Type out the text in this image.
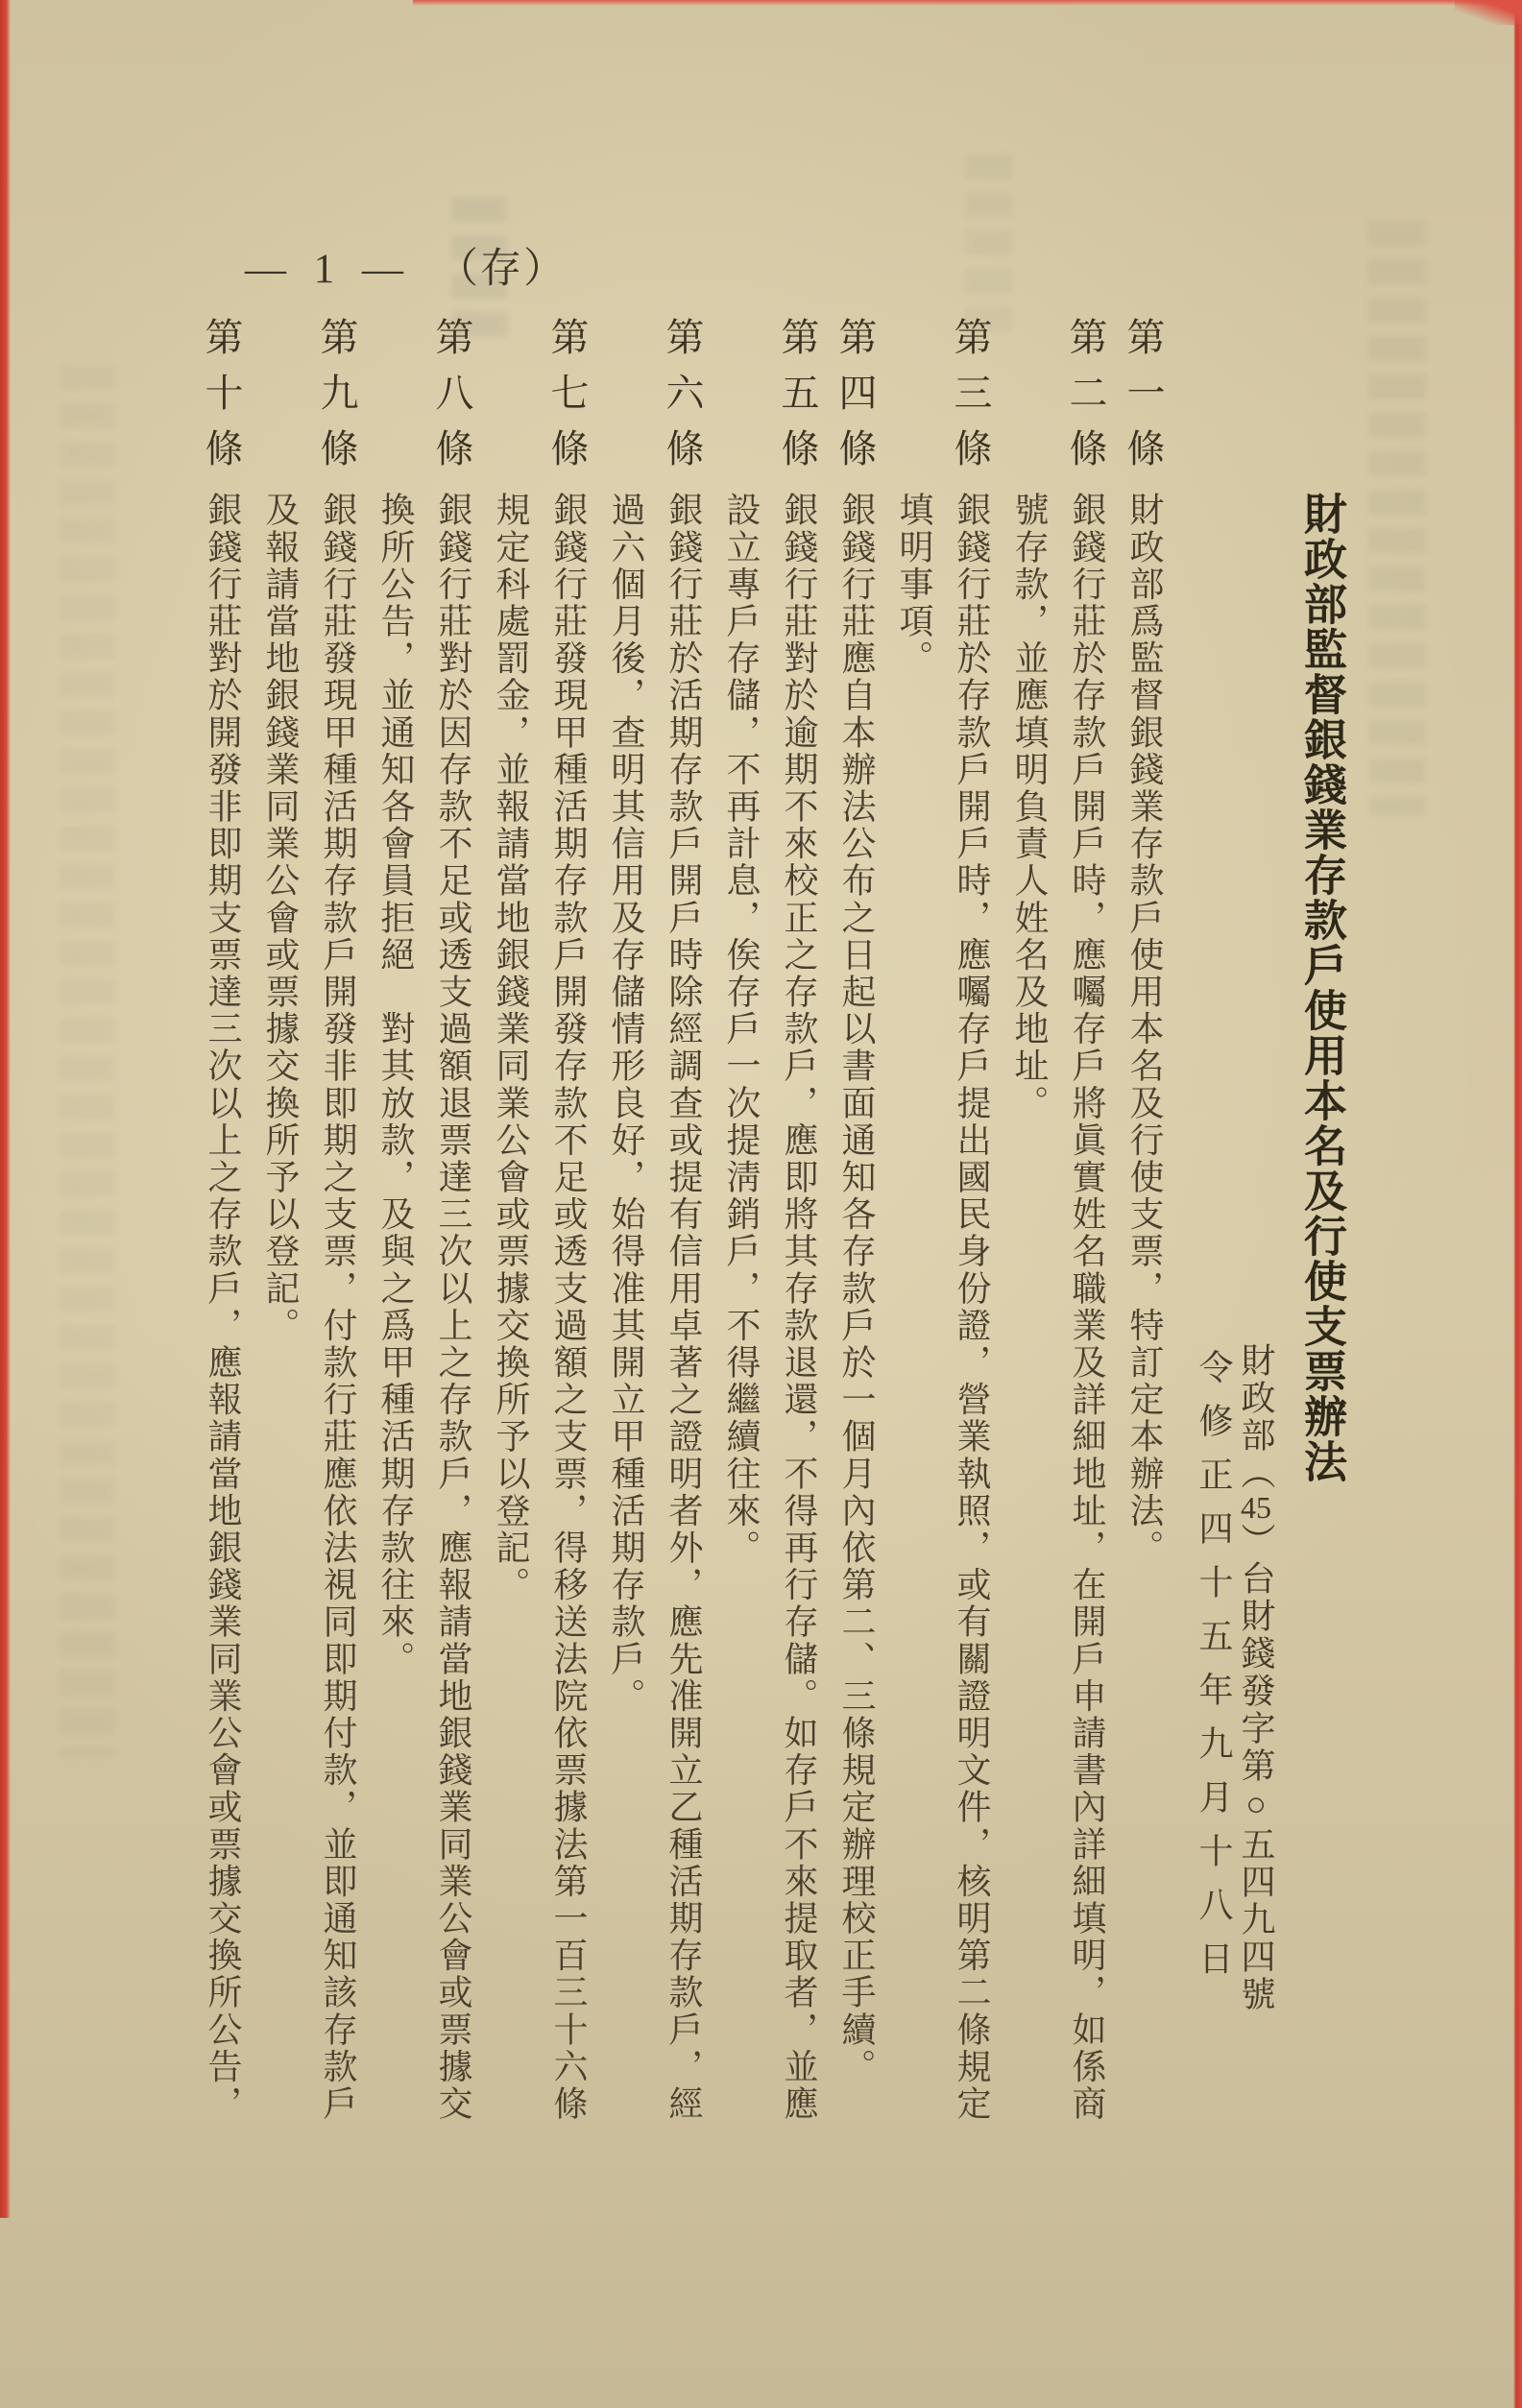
— 1 — （存）
財政部監督銀錢業存款戶使用本名及行使支票辦法
財政部（45）台財錢發字第○五四九四號
令修正四十五年九月十八日
第一條
財政部爲監督銀錢業存款戶使用本名及行使支票，特訂定本辦法。
第二條
銀錢行莊於存款戶開戶時，應囑存戶將眞實姓名職業及詳細地址，在開戶申請書內詳細填明，如係商
號存款，並應填明負責人姓名及地址。
第三條
銀錢行莊於存款戶開戶時，應囑存戶提出國民身份證，營業執照，或有關證明文件，核明第二條規定
填明事項。
第四條
銀錢行莊應自本辦法公布之日起以書面通知各存款戶於一個月內依第二、三條規定辦理校正手續。
第五條
銀錢行莊對於逾期不來校正之存款戶，應即將其存款退還，不得再行存儲。如存戶不來提取者，並應
設立專戶存儲，不再計息，俟存戶一次提淸銷戶，不得繼續往來。
第六條
銀錢行莊於活期存款戶開戶時除經調查或提有信用卓著之證明者外，應先准開立乙種活期存款戶，經
過六個月後，查明其信用及存儲情形良好，始得准其開立甲種活期存款戶。
第七條
銀錢行莊發現甲種活期存款戶開發存款不足或透支過額之支票，得移送法院依票據法第一百三十六條
規定科處罰金，並報請當地銀錢業同業公會或票據交換所予以登記。
第八條
銀錢行莊對於因存款不足或透支過額退票達三次以上之存款戶，應報請當地銀錢業同業公會或票據交
換所公告，並通知各會員拒絕　對其放款，及與之爲甲種活期存款往來。
第九條
銀錢行莊發現甲種活期存款戶開發非即期之支票，付款行莊應依法視同即期付款，並即通知該存款戶
及報請當地銀錢業同業公會或票據交換所予以登記。
第十條
銀錢行莊對於開發非即期支票達三次以上之存款戶，應報請當地銀錢業同業公會或票據交換所公告，
